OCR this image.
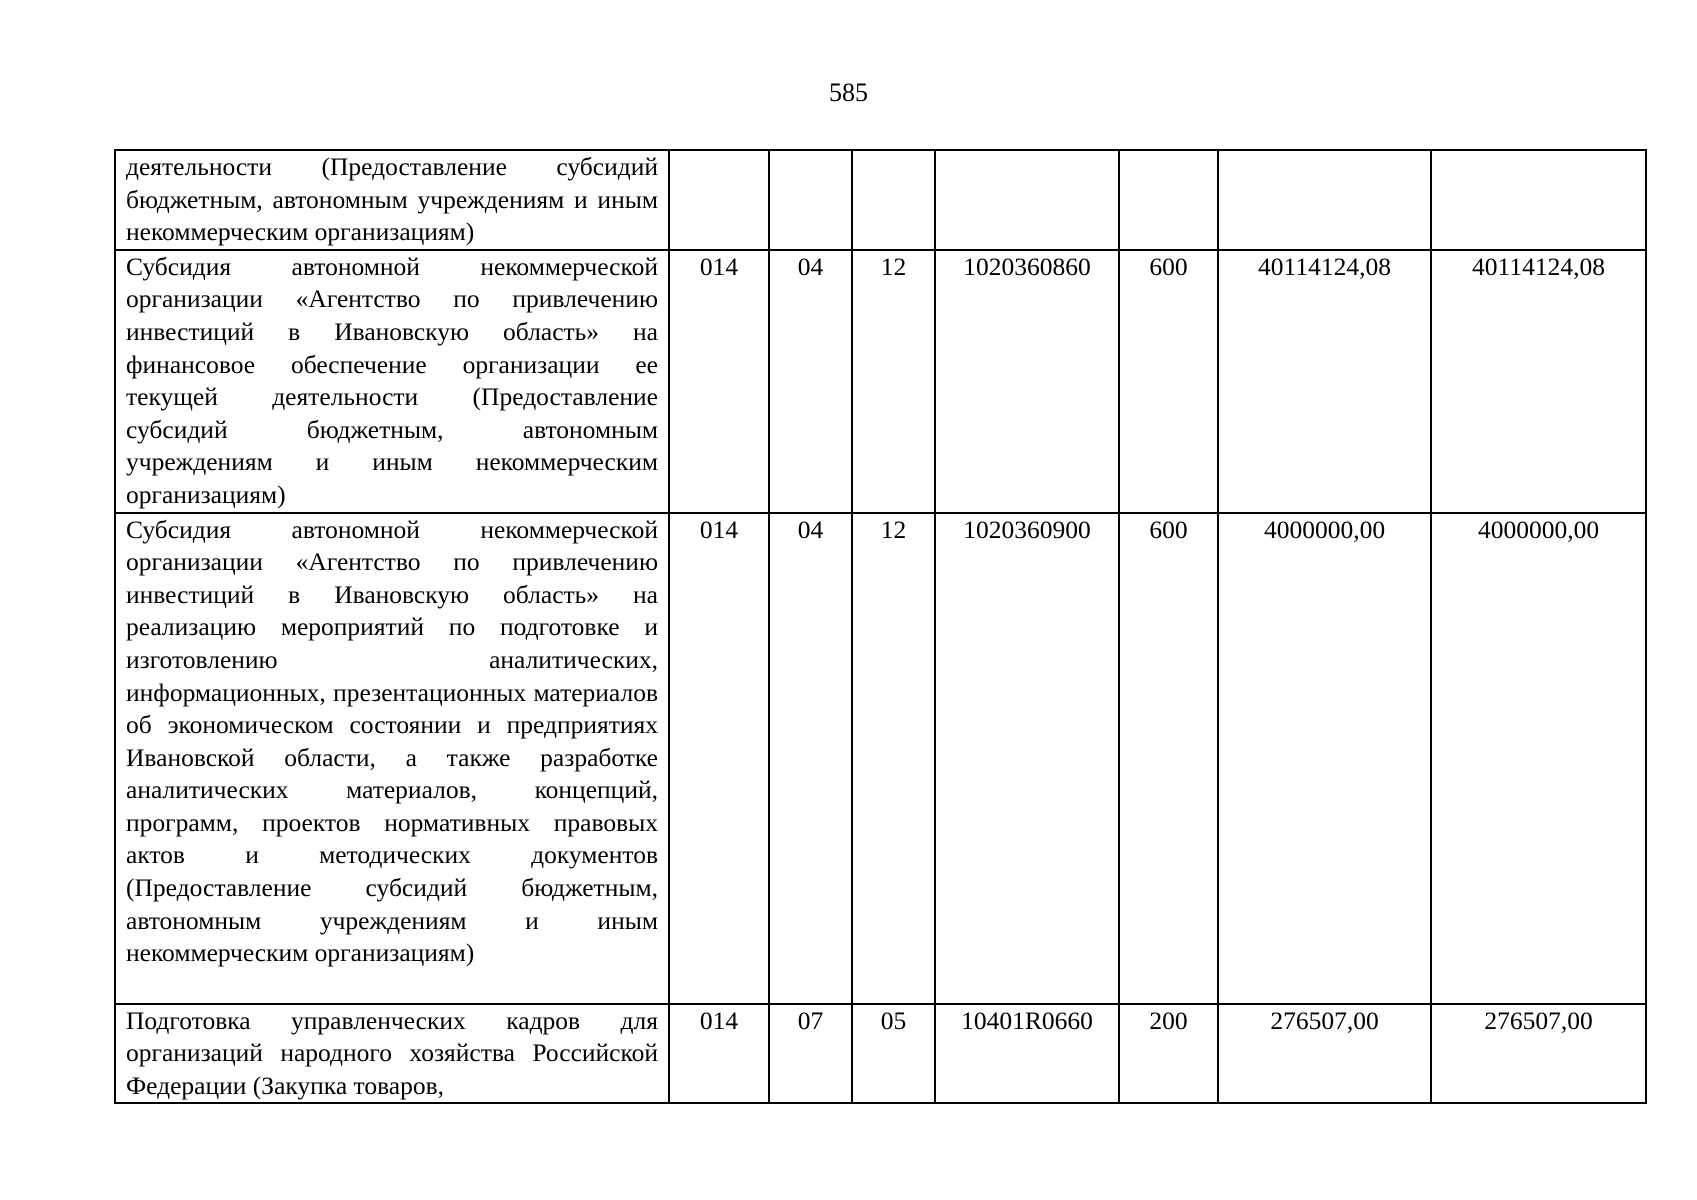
585
деятельности (Предоставление субсидий бюджетным, автономным учреждениям и иным некоммерческим организациям)							
Субсидия автономной некоммерческой организации «Агентство по привлечению инвестиций в Ивановскую область» на финансовое обеспечение организации ее текущей деятельности (Предоставление субсидий бюджетным, автономным учреждениям и иным некоммерческим организациям)	014	04	12	1020360860	600	40114124,08	40114124,08
Субсидия автономной некоммерческой организации «Агентство по привлечению инвестиций в Ивановскую область» на реализацию мероприятий по подготовке и изготовлению аналитических, информационных, презентационных материалов об экономическом состоянии и предприятиях Ивановской области, а также разработке аналитических материалов, концепций, программ, проектов нормативных правовых актов и методических документов (Предоставление субсидий бюджетным, автономным учреждениям и иным некоммерческим организациям)	014	04	12	1020360900	600	4000000,00	4000000,00
Подготовка управленческих кадров для организаций народного хозяйства Российской Федерации (Закупка товаров,	014	07	05	10401R0660	200	276507,00	276507,00
